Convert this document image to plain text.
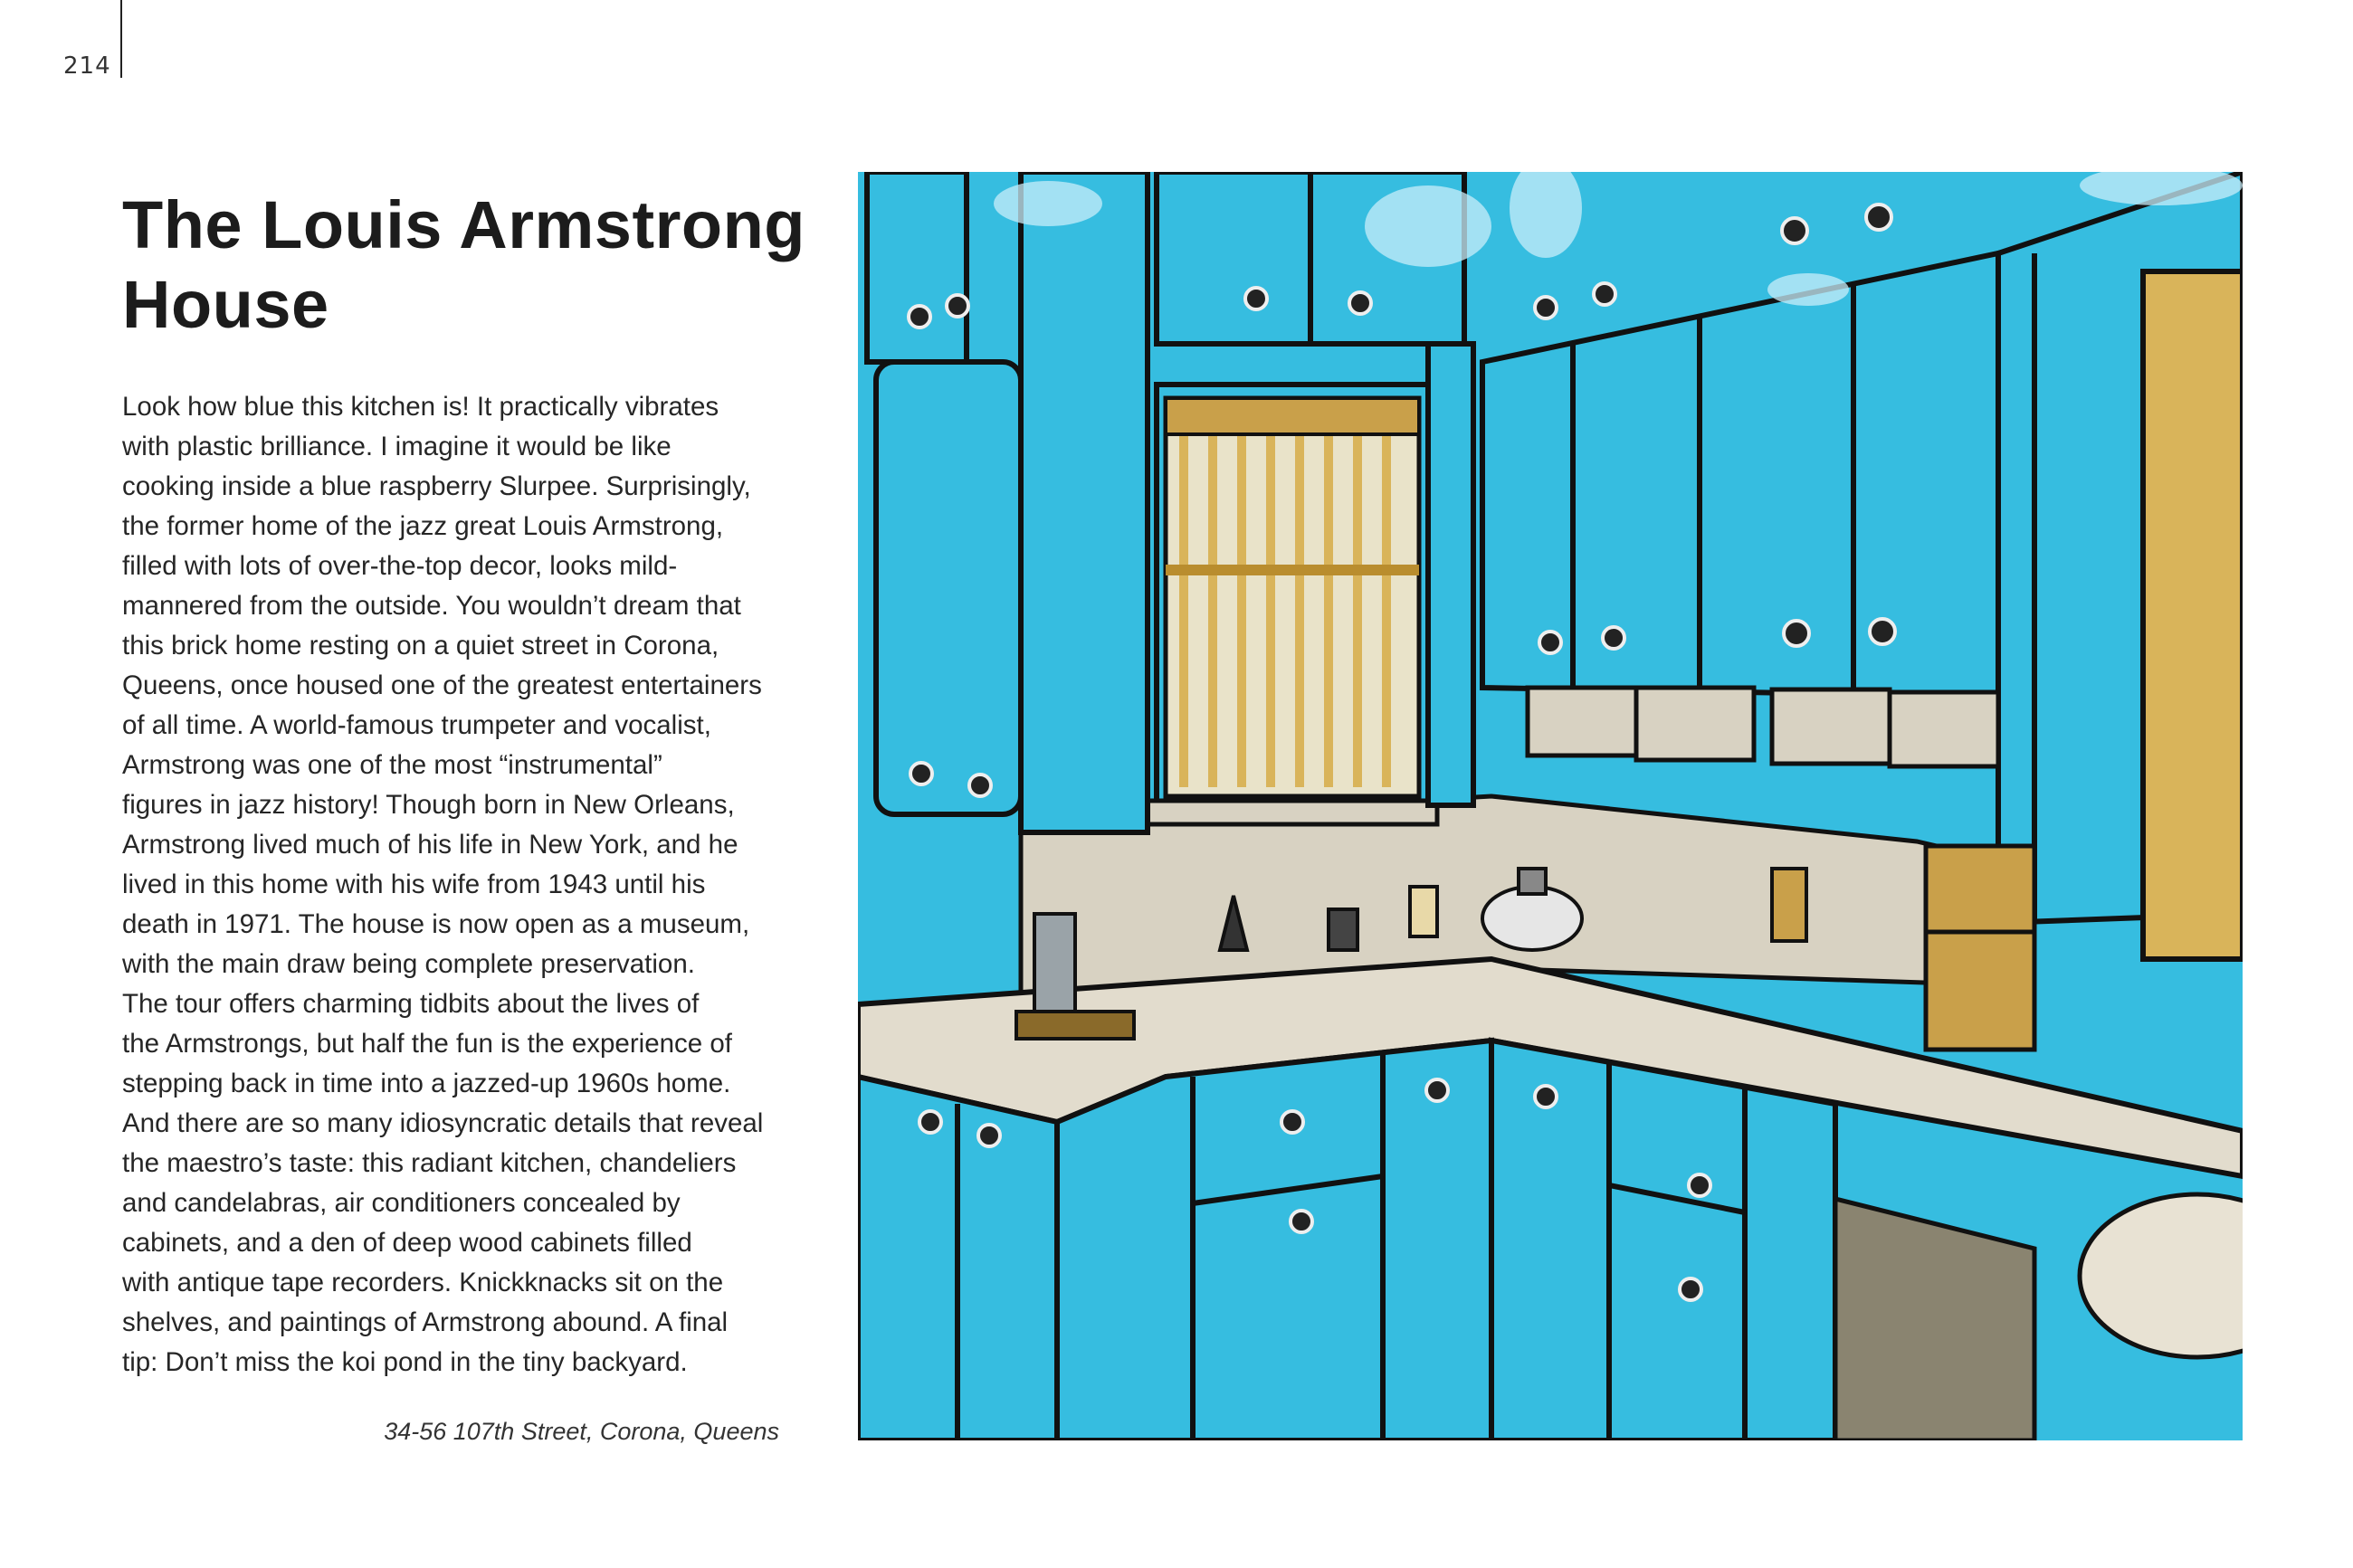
214
The Louis Armstrong House

Look how blue this kitchen is! It practically vibrates
with plastic brilliance. I imagine it would be like
cooking inside a blue raspberry Slurpee. Surprisingly,
the former home of the jazz great Louis Armstrong,
filled with lots of over-the-top decor, looks mild-
mannered from the outside. You wouldn’t dream that
this brick home resting on a quiet street in Corona,
Queens, once housed one of the greatest entertainers
of all time. A world-famous trumpeter and vocalist,
Armstrong was one of the most “instrumental”
figures in jazz history! Though born in New Orleans,
Armstrong lived much of his life in New York, and he
lived in this home with his wife from 1943 until his
death in 1971. The house is now open as a museum,
with the main draw being complete preservation.
The tour offers charming tidbits about the lives of
the Armstrongs, but half the fun is the experience of
stepping back in time into a jazzed-up 1960s home.
And there are so many idiosyncratic details that reveal
the maestro’s taste: this radiant kitchen, chandeliers
and candelabras, air conditioners concealed by
cabinets, and a den of deep wood cabinets filled
with antique tape recorders. Knickknacks sit on the
shelves, and paintings of Armstrong abound. A final
tip: Don’t miss the koi pond in the tiny backyard.

34-56 107th Street, Corona, Queens
